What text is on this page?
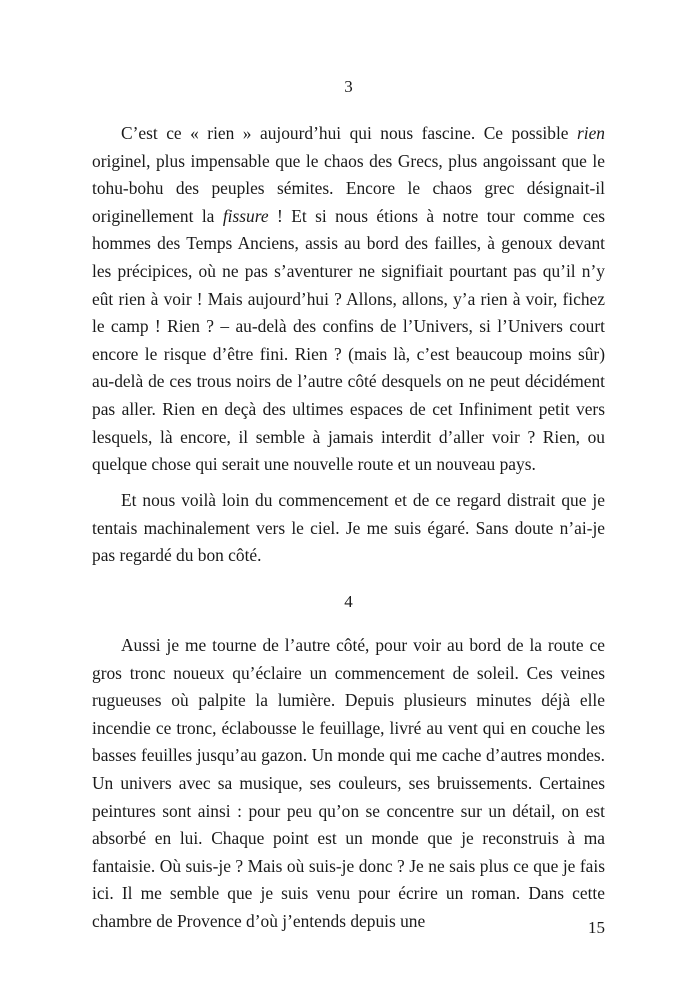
3

C’est ce « rien » aujourd’hui qui nous fascine. Ce possible rien originel, plus impensable que le chaos des Grecs, plus angoissant que le tohu-bohu des peuples sémites. Encore le chaos grec désignait-il originellement la fissure ! Et si nous étions à notre tour comme ces hommes des Temps Anciens, assis au bord des failles, à genoux devant les précipices, où ne pas s’aventurer ne signifiait pourtant pas qu’il n’y eût rien à voir ! Mais aujourd’hui ? Allons, allons, y’a rien à voir, fichez le camp ! Rien ? – au-delà des confins de l’Univers, si l’Univers court encore le risque d’être fini. Rien ? (mais là, c’est beaucoup moins sûr) au-delà de ces trous noirs de l’autre côté desquels on ne peut décidément pas aller. Rien en deçà des ultimes espaces de cet Infiniment petit vers lesquels, là encore, il semble à jamais interdit d’aller voir ? Rien, ou quelque chose qui serait une nouvelle route et un nouveau pays.

Et nous voilà loin du commencement et de ce regard distrait que je tentais machinalement vers le ciel. Je me suis égaré. Sans doute n’ai-je pas regardé du bon côté.

4

Aussi je me tourne de l’autre côté, pour voir au bord de la route ce gros tronc noueux qu’éclaire un commencement de soleil. Ces veines rugueuses où palpite la lumière. Depuis plusieurs minutes déjà elle incendie ce tronc, éclabousse le feuillage, livré au vent qui en couche les basses feuilles jusqu’au gazon. Un monde qui me cache d’autres mondes. Un univers avec sa musique, ses couleurs, ses bruissements. Certaines peintures sont ainsi : pour peu qu’on se concentre sur un détail, on est absorbé en lui. Chaque point est un monde que je reconstruis à ma fantaisie. Où suis-je ? Mais où suis-je donc ? Je ne sais plus ce que je fais ici. Il me semble que je suis venu pour écrire un roman. Dans cette chambre de Provence d’où j’entends depuis une	15
